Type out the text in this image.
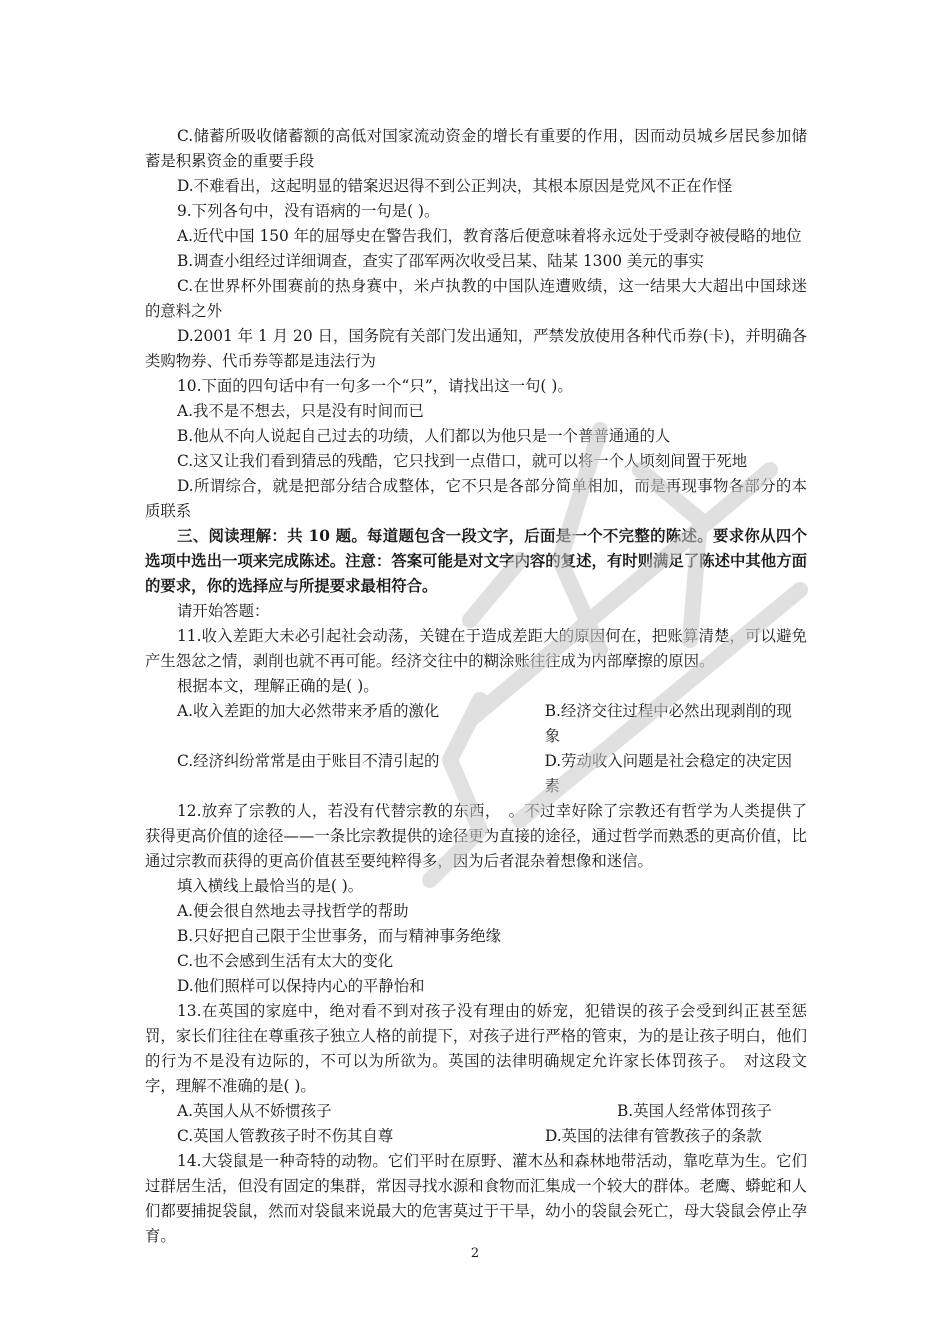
C.储蓄所吸收储蓄额的高低对国家流动资金的增长有重要的作用，因而动员城乡居民参加储蓄是积累资金的重要手段

D.不难看出，这起明显的错案迟迟得不到公正判决，其根本原因是党风不正在作怪

9.下列各句中，没有语病的一句是( )。

A.近代中国 150 年的屈辱史在警告我们，教育落后便意味着将永远处于受剥夺被侵略的地位

B.调查小组经过详细调查，查实了邵军两次收受吕某、陆某 1300 美元的事实

C.在世界杯外围赛前的热身赛中，米卢执教的中国队连遭败绩，这一结果大大超出中国球迷的意料之外

D.2001 年 1 月 20 日，国务院有关部门发出通知，严禁发放使用各种代币券(卡)，并明确各类购物券、代币券等都是违法行为

10.下面的四句话中有一句多一个“只”，请找出这一句( )。

A.我不是不想去，只是没有时间而已

B.他从不向人说起自己过去的功绩，人们都以为他只是一个普普通通的人

C.这又让我们看到猜忌的残酷，它只找到一点借口，就可以将一个人顷刻间置于死地

D.所谓综合，就是把部分结合成整体，它不只是各部分简单相加，而是再现事物各部分的本质联系

三、阅读理解：共 10 题。每道题包含一段文字，后面是一个不完整的陈述。要求你从四个选项中选出一项来完成陈述。注意：答案可能是对文字内容的复述，有时则满足了陈述中其他方面的要求，你的选择应与所提要求最相符合。

请开始答题：

11.收入差距大未必引起社会动荡，关键在于造成差距大的原因何在，把账算清楚，可以避免产生怨忿之情，剥削也就不再可能。经济交往中的糊涂账往往成为内部摩擦的原因。

根据本文，理解正确的是( )。

A.收入差距的加大必然带来矛盾的激化	B.经济交往过程中必然出现剥削的现象
C.经济纠纷常常是由于账目不清引起的	D.劳动收入问题是社会稳定的决定因素

12.放弃了宗教的人，若没有代替宗教的东西，　。不过幸好除了宗教还有哲学为人类提供了获得更高价值的途径——一条比宗教提供的途径更为直接的途径，通过哲学而熟悉的更高价值，比通过宗教而获得的更高价值甚至要纯粹得多，因为后者混杂着想像和迷信。

填入横线上最恰当的是( )。

A.便会很自然地去寻找哲学的帮助

B.只好把自己限于尘世事务，而与精神事务绝缘

C.也不会感到生活有太大的变化

D.他们照样可以保持内心的平静怡和

13.在英国的家庭中，绝对看不到对孩子没有理由的娇宠，犯错误的孩子会受到纠正甚至惩罚，家长们往往在尊重孩子独立人格的前提下，对孩子进行严格的管束，为的是让孩子明白，他们的行为不是没有边际的，不可以为所欲为。英国的法律明确规定允许家长体罚孩子。　对这段文字，理解不准确的是( )。

A.英国人从不娇惯孩子	B.英国人经常体罚孩子
C.英国人管教孩子时不伤其自尊	D.英国的法律有管教孩子的条款

14.大袋鼠是一种奇特的动物。它们平时在原野、灌木丛和森林地带活动，靠吃草为生。它们过群居生活，但没有固定的集群，常因寻找水源和食物而汇集成一个较大的群体。老鹰、蟒蛇和人们都要捕捉袋鼠，然而对袋鼠来说最大的危害莫过于干旱，幼小的袋鼠会死亡，母大袋鼠会停止孕育。

2
